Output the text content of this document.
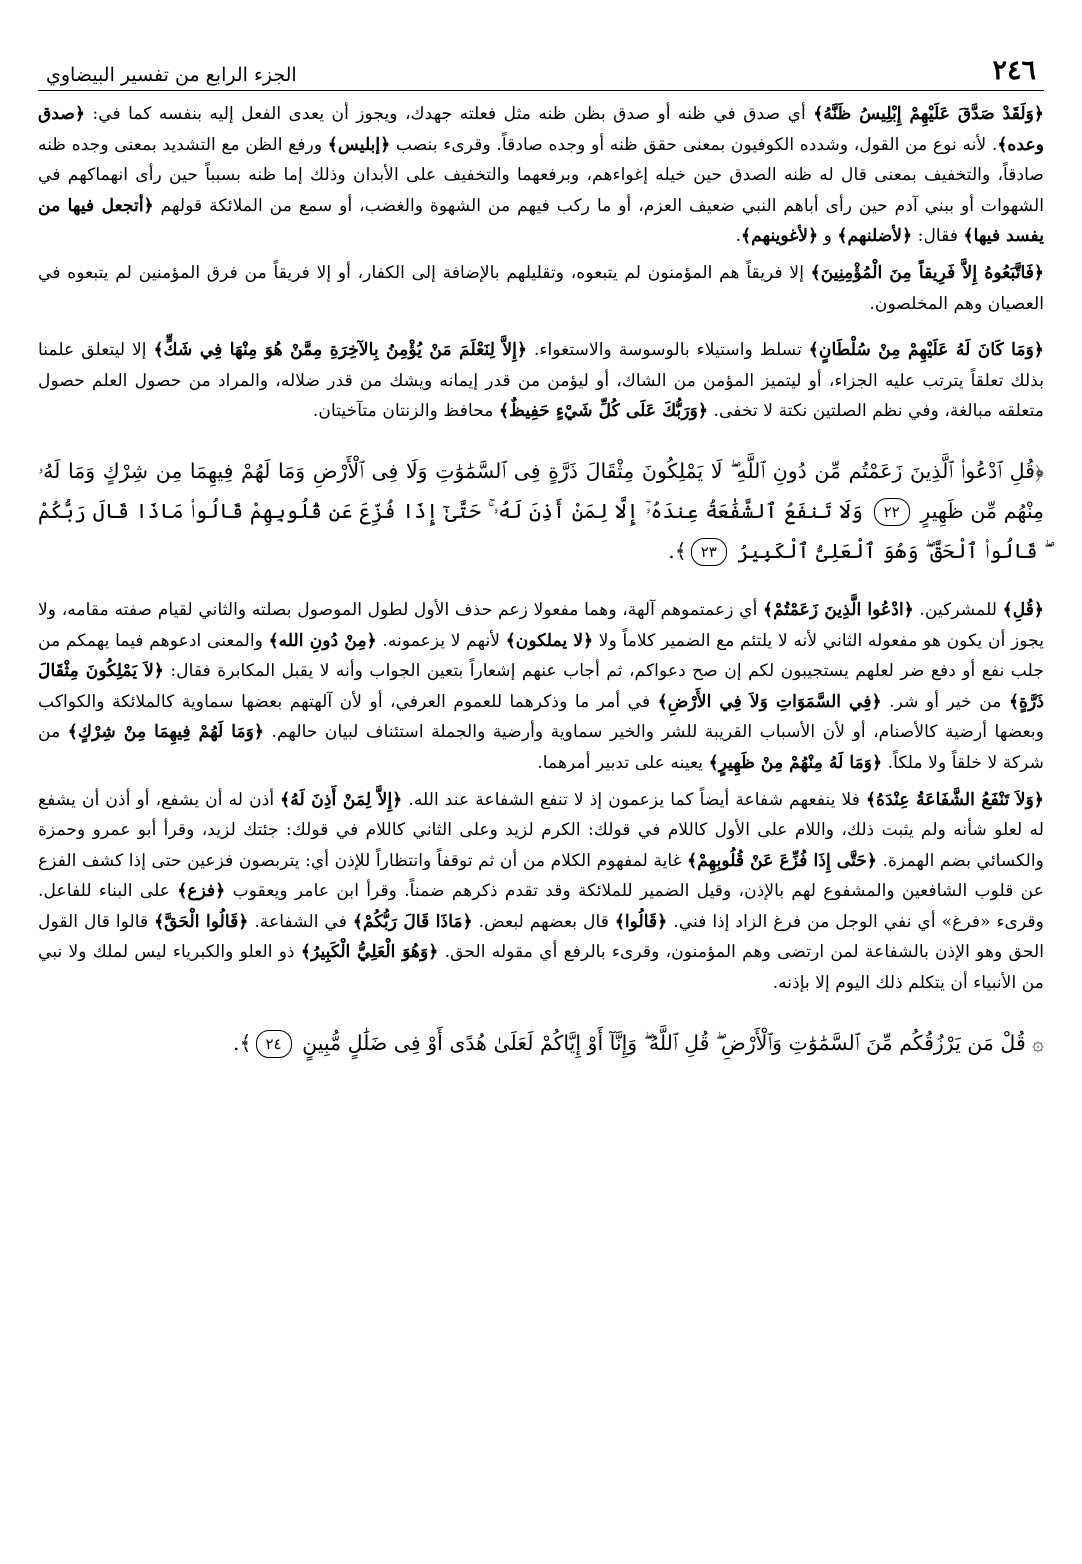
٢٤٦
الجزء الرابع من تفسير البيضاوي

﴿وَلَقَدْ صَدَّقَ عَلَيْهِمْ إِبْلِيسُ ظَنَّهُ﴾ أي صدق في ظنه أو صدق بظن ظنه مثل فعلته جهدك، ويجوز أن يعدى الفعل إليه بنفسه كما في: ﴿صدق وعده﴾. لأنه نوع من القول، وشدده الكوفيون بمعنى حقق ظنه أو وجده صادقاً. وقرىء بنصب ﴿إبليس﴾ ورفع الظن مع التشديد بمعنى وجده ظنه صادقاً، والتخفيف بمعنى قال له ظنه الصدق حين خيله إغواءهم، وبرفعهما والتخفيف على الأبدان وذلك إما ظنه بسبباً حين رأى انهماكهم في الشهوات أو ببني آدم حين رأى أباهم النبي ضعيف العزم، أو ما ركب فيهم من الشهوة والغضب، أو سمع من الملائكة قولهم ﴿أتجعل فيها من يفسد فيها﴾ فقال: ﴿لأضلنهم﴾ و ﴿لأغوينهم﴾.

﴿فَاتَّبَعُوهُ إِلاَّ فَرِيقاً مِنَ الْمُؤْمِنِينَ﴾ إلا فريقاً هم المؤمنون لم يتبعوه، وتقليلهم بالإضافة إلى الكفار، أو إلا فريقاً من فرق المؤمنين لم يتبعوه في العصيان وهم المخلصون.

﴿وَمَا كَانَ لَهُ عَلَيْهِمْ مِنْ سُلْطَانٍ﴾ تسلط واستيلاء بالوسوسة والاستغواء. ﴿إِلاَّ لِنَعْلَمَ مَنْ يُؤْمِنُ بِالآخِرَةِ مِمَّنْ هُوَ مِنْهَا فِي شَكٍّ﴾ إلا ليتعلق علمنا بذلك تعلقاً يترتب عليه الجزاء، أو ليتميز المؤمن من الشاك، أو ليؤمن من قدر إيمانه ويشك من قدر ضلاله، والمراد من حصول العلم حصول متعلقه مبالغة، وفي نظم الصلتين نكتة لا تخفى. ﴿وَرَبُّكَ عَلَى كُلِّ شَيْءٍ حَفِيظٌ﴾ محافظ والزنتان متآخيتان.

﴿قُلِ ٱدْعُوا۟ ٱلَّذِينَ زَعَمْتُم مِّن دُونِ ٱللَّهِ ۖ لَا يَمْلِكُونَ مِثْقَالَ ذَرَّةٍ فِى ٱلسَّمَٰوَٰتِ وَلَا فِى ٱلْأَرْضِ وَمَا لَهُمْ فِيهِمَا مِن شِرْكٍ وَمَا لَهُۥ مِنْهُم مِّن ظَهِيرٍ ٢٢ وَلَا تَنفَعُ ٱلشَّفَٰعَةُ عِندَهُۥٓ إِلَّا لِمَنْ أَذِنَ لَهُۥ ۚ حَتَّىٰٓ إِذَا فُزِّعَ عَن قُلُوبِهِمْ قَالُوا۟ مَاذَا قَالَ رَبُّكُمْ ۖ قَالُوا۟ ٱلْحَقَّ ۖ وَهُوَ ٱلْعَلِىُّ ٱلْكَبِيرُ ٢٣﴾.

﴿قُلِ﴾ للمشركين. ﴿ادْعُوا الَّذِينَ زَعَمْتُمْ﴾ أي زعمتموهم آلهة، وهما مفعولا زعم حذف الأول لطول الموصول بصلته والثاني لقيام صفته مقامه، ولا يجوز أن يكون هو مفعوله الثاني لأنه لا يلتئم مع الضمير كلاماً ولا ﴿لا يملكون﴾ لأنهم لا يزعمونه. ﴿مِنْ دُونِ الله﴾ والمعنى ادعوهم فيما يهمكم من جلب نفع أو دفع ضر لعلهم يستجيبون لكم إن صح دعواكم، ثم أجاب عنهم إشعاراً بتعين الجواب وأنه لا يقبل المكابرة فقال: ﴿لاَ يَمْلِكُونَ مِثْقَالَ ذَرَّةٍ﴾ من خير أو شر. ﴿فِي السَّمَوَاتِ وَلاَ فِي الأَرْضِ﴾ في أمر ما وذكرهما للعموم العرفي، أو لأن آلهتهم بعضها سماوية كالملائكة والكواكب وبعضها أرضية كالأصنام، أو لأن الأسباب القريبة للشر والخير سماوية وأرضية والجملة استئناف لبيان حالهم. ﴿وَمَا لَهُمْ فِيهِمَا مِنْ شِرْكٍ﴾ من شركة لا خلقاً ولا ملكاً. ﴿وَمَا لَهُ مِنْهُمْ مِنْ ظَهِيرٍ﴾ يعينه على تدبير أمرهما.

﴿وَلاَ تَنْفَعُ الشَّفَاعَةُ عِنْدَهُ﴾ فلا ينفعهم شفاعة أيضاً كما يزعمون إذ لا تنفع الشفاعة عند الله. ﴿إِلاَّ لِمَنْ أَذِنَ لَهُ﴾ أذن له أن يشفع، أو أذن أن يشفع له لعلو شأنه ولم يثبت ذلك، واللام على الأول كاللام في قولك: الكرم لزيد وعلى الثاني كاللام في قولك: جئتك لزيد، وقرأ أبو عمرو وحمزة والكسائي بضم الهمزة. ﴿حَتَّى إِذَا فُزِّعَ عَنْ قُلُوبِهِمْ﴾ غاية لمفهوم الكلام من أن ثم توقفاً وانتظاراً للإذن أي: يتربصون فزعين حتى إذا كشف الفزع عن قلوب الشافعين والمشفوع لهم بالإذن، وقيل الضمير للملائكة وقد تقدم ذكرهم ضمناً. وقرأ ابن عامر ويعقوب ﴿فزع﴾ على البناء للفاعل. وقرىء «فرغ» أي نفي الوجل من فرغ الزاد إذا فني. ﴿قَالُوا﴾ قال بعضهم لبعض. ﴿مَاذَا قَالَ رَبُّكُمْ﴾ في الشفاعة. ﴿قَالُوا الْحَقَّ﴾ قالوا قال القول الحق وهو الإذن بالشفاعة لمن ارتضى وهم المؤمنون، وقرىء بالرفع أي مقوله الحق. ﴿وَهُوَ الْعَلِيُّ الْكَبِيرُ﴾ ذو العلو والكبرياء ليس لملك ولا نبي من الأنبياء أن يتكلم ذلك اليوم إلا بإذنه.

۞ قُلْ مَن يَرْزُقُكُم مِّنَ ٱلسَّمَٰوَٰتِ وَٱلْأَرْضِ ۖ قُلِ ٱللَّهُ ۖ وَإِنَّآ أَوْ إِيَّاكُمْ لَعَلَىٰ هُدًى أَوْ فِى ضَلَٰلٍ مُّبِينٍ ٢٤﴾.
